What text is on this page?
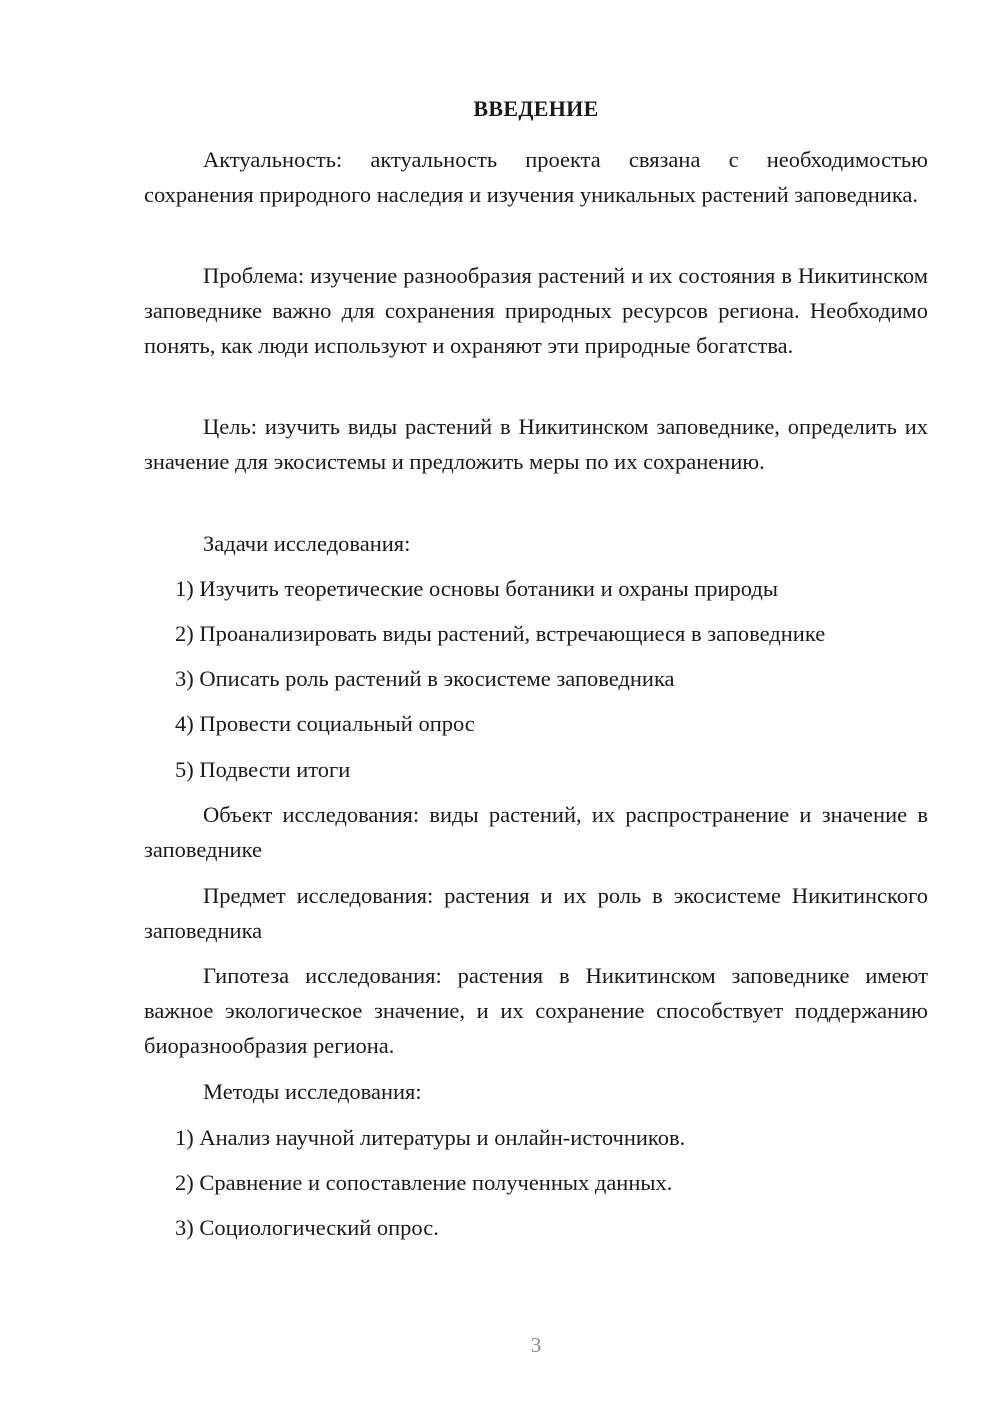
ВВЕДЕНИЕ

Актуальность: актуальность проекта связана с необходимостью сохранения природного наследия и изучения уникальных растений заповедника.

Проблема: изучение разнообразия растений и их состояния в Никитинском заповеднике важно для сохранения природных ресурсов региона. Необходимо понять, как люди используют и охраняют эти природные богатства.

Цель: изучить виды растений в Никитинском заповеднике, определить их значение для экосистемы и предложить меры по их сохранению.

Задачи исследования:

1) Изучить теоретические основы ботаники и охраны природы

2) Проанализировать виды растений, встречающиеся в заповеднике

3) Описать роль растений в экосистеме заповедника

4) Провести социальный опрос

5) Подвести итоги

Объект исследования: виды растений, их распространение и значение в заповеднике

Предмет исследования: растения и их роль в экосистеме Никитинского заповедника

Гипотеза исследования: растения в Никитинском заповеднике имеют важное экологическое значение, и их сохранение способствует поддержанию биоразнообразия региона.

Методы исследования:

1) Анализ научной литературы и онлайн-источников.

2) Сравнение и сопоставление полученных данных.

3) Социологический опрос.

3
